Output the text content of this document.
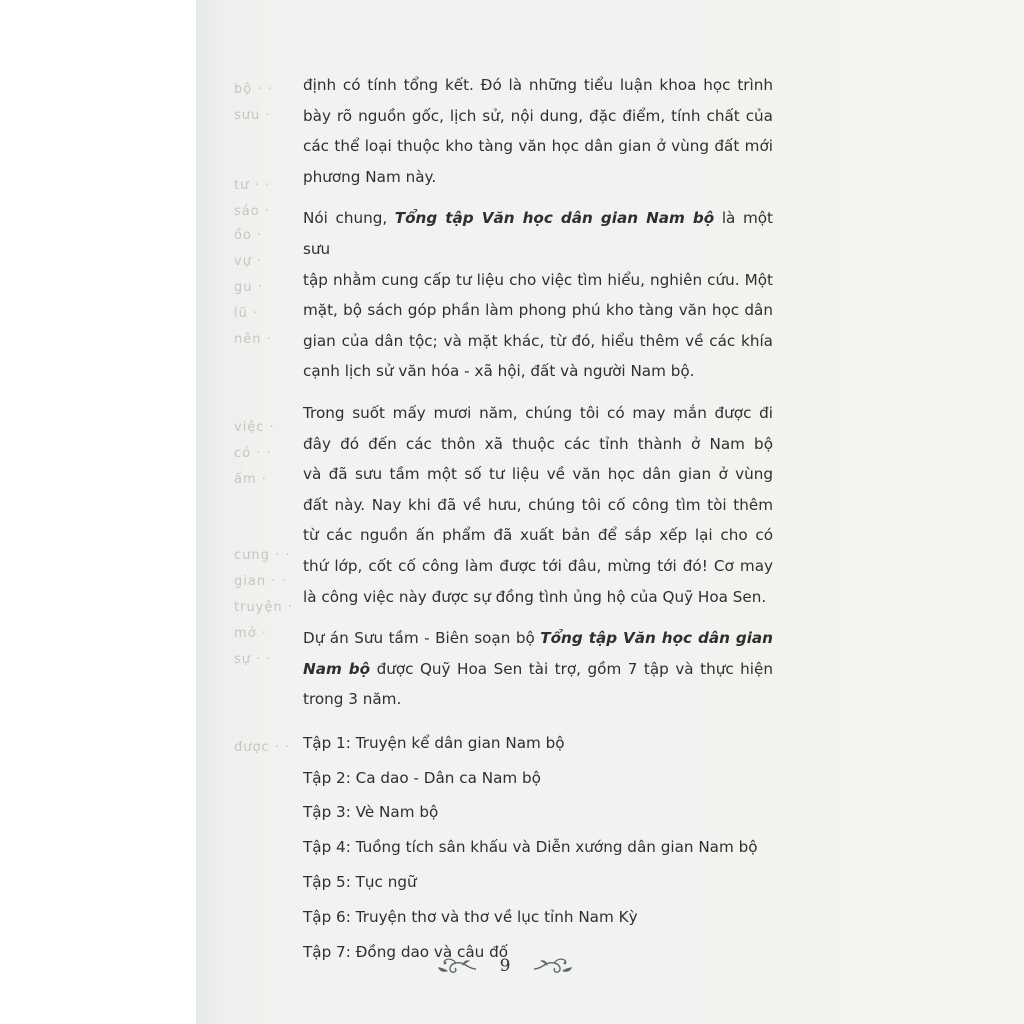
bộ · ·
sưu ·
tư · ·
sáo ·
ồo ·
vự ·
gu ·
lũ ·
nên ·
việc ·
có · ·
ấm ·
cưng · ·
gian · ·
truyện ·
mở ·
sự · ·
được · ·
định có tính tổng kết. Đó là những tiểu luận khoa học trình
bày rõ nguồn gốc, lịch sử, nội dung, đặc điểm, tính chất của
các thể loại thuộc kho tàng văn học dân gian ở vùng đất mới
phương Nam này.
Nói chung, Tổng tập Văn học dân gian Nam bộ là một sưu
tập nhằm cung cấp tư liệu cho việc tìm hiểu, nghiên cứu. Một
mặt, bộ sách góp phần làm phong phú kho tàng văn học dân
gian của dân tộc; và mặt khác, từ đó, hiểu thêm về các khía
cạnh lịch sử văn hóa - xã hội, đất và người Nam bộ.
Trong suốt mấy mươi năm, chúng tôi có may mắn được đi
đây đó đến các thôn xã thuộc các tỉnh thành ở Nam bộ
và đã sưu tầm một số tư liệu về văn học dân gian ở vùng
đất này. Nay khi đã về hưu, chúng tôi cố công tìm tòi thêm
từ các nguồn ấn phẩm đã xuất bản để sắp xếp lại cho có
thứ lớp, cốt cố công làm được tới đâu, mừng tới đó! Cơ may
là công việc này được sự đồng tình ủng hộ của Quỹ Hoa Sen.
Dự án Sưu tầm - Biên soạn bộ Tổng tập Văn học dân gian
Nam bộ được Quỹ Hoa Sen tài trợ, gồm 7 tập và thực hiện
trong 3 năm.
Tập 1: Truyện kể dân gian Nam bộ
Tập 2: Ca dao - Dân ca Nam bộ
Tập 3: Vè Nam bộ
Tập 4: Tuồng tích sân khấu và Diễn xướng dân gian Nam bộ
Tập 5: Tục ngữ
Tập 6: Truyện thơ và thơ về lục tỉnh Nam Kỳ
Tập 7: Đồng dao và câu đố
9
